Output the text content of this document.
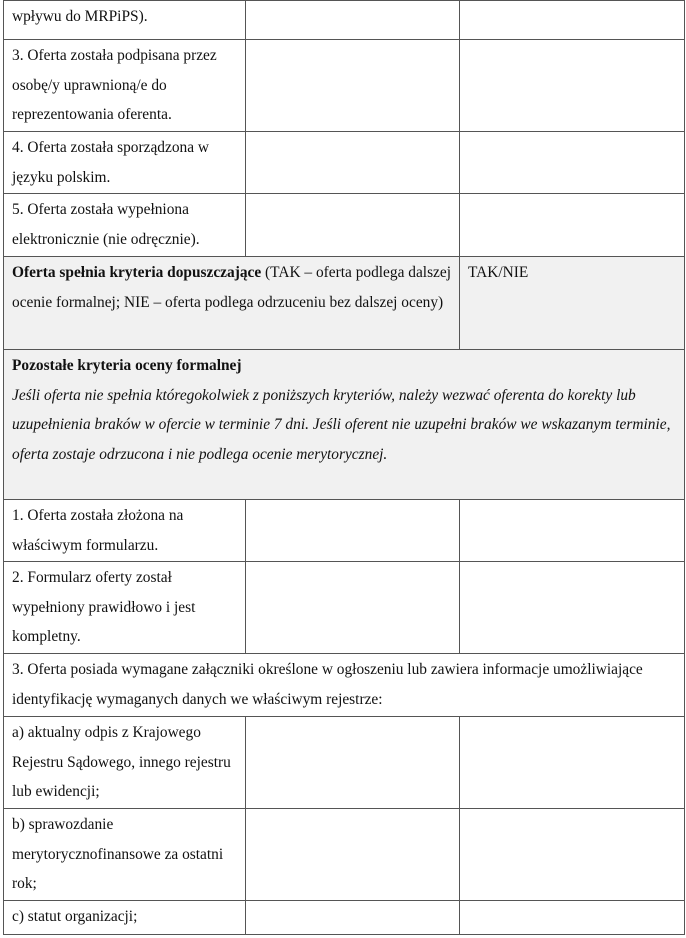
wpływu do MRPiPS).		

3. Oferta została podpisana przez osobę/y uprawnioną/e do reprezentowania oferenta.		

4. Oferta została sporządzona w języku polskim.		

5. Oferta została wypełniona elektronicznie (nie odręcznie).		

Oferta spełnia kryteria dopuszczające (TAK – oferta podlega dalszej ocenie formalnej; NIE – oferta podlega odrzuceniu bez dalszej oceny)		TAK/NIE

Pozostałe kryteria oceny formalnej
Jeśli oferta nie spełnia któregokolwiek z poniższych kryteriów, należy wezwać oferenta do korekty lub uzupełnienia braków w ofercie w terminie 7 dni. Jeśli oferent nie uzupełni braków we wskazanym terminie, oferta zostaje odrzucona i nie podlega ocenie merytorycznej.		

1. Oferta została złożona na właściwym formularzu.		

2. Formularz oferty został wypełniony prawidłowo i jest kompletny.		

3. Oferta posiada wymagane załączniki określone w ogłoszeniu lub zawiera informacje umożliwiające identyfikację wymaganych danych we właściwym rejestrze:		

a) aktualny odpis z Krajowego Rejestru Sądowego, innego rejestru lub ewidencji;		

b) sprawozdanie merytorycznofinansowe za ostatni rok;		

c) statut organizacji;		
